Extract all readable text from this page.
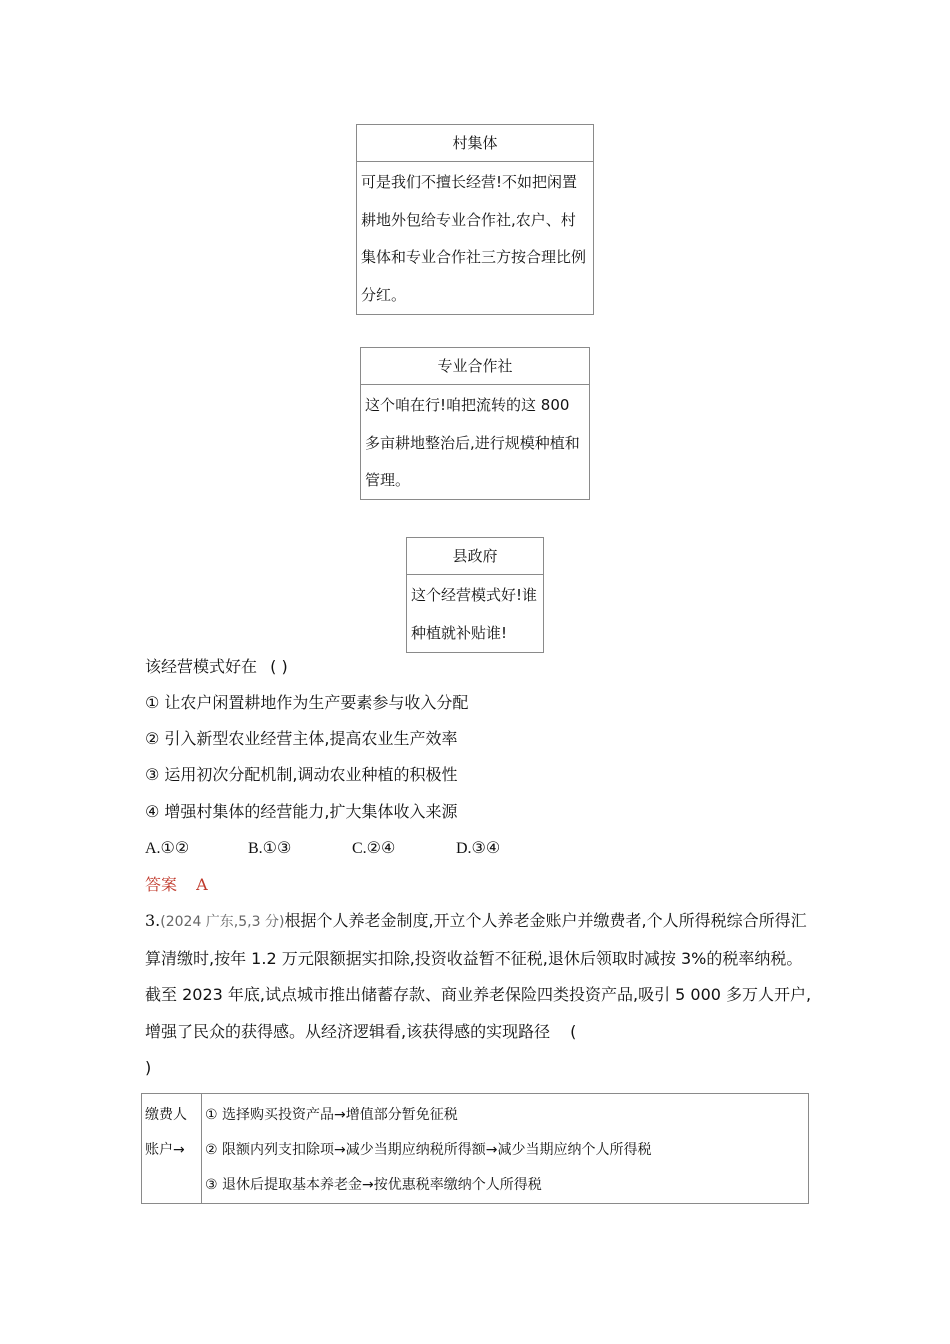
村集体
可是我们不擅长经营!不如把闲置耕地外包给专业合作社,农户、村集体和专业合作社三方按合理比例分红。
专业合作社
这个咱在行!咱把流转的这 800 多亩耕地整治后,进行规模种植和管理。
县政府
这个经营模式好!谁种植就补贴谁!
该经营模式好在 ( )
① 让农户闲置耕地作为生产要素参与收入分配
② 引入新型农业经营主体,提高农业生产效率
③ 运用初次分配机制,调动农业种植的积极性
④ 增强村集体的经营能力,扩大集体收入来源
A.①②	B.①③	C.②④	D.③④
答案 A
3.(2024 广东,5,3 分)根据个人养老金制度,开立个人养老金账户并缴费者,个人所得税综合所得汇算清缴时,按年 1.2 万元限额据实扣除,投资收益暂不征税,退休后领取时减按 3%的税率纳税。截至 2023 年底,试点城市推出储蓄存款、商业养老保险四类投资产品,吸引 5 000 多万人开户,增强了民众的获得感。从经济逻辑看,该获得感的实现路径 (
)
缴费人账户→	
① 选择购买投资产品→增值部分暂免征税
② 限额内列支扣除项→减少当期应纳税所得额→减少当期应纳个人所得税
③ 退休后提取基本养老金→按优惠税率缴纳个人所得税
